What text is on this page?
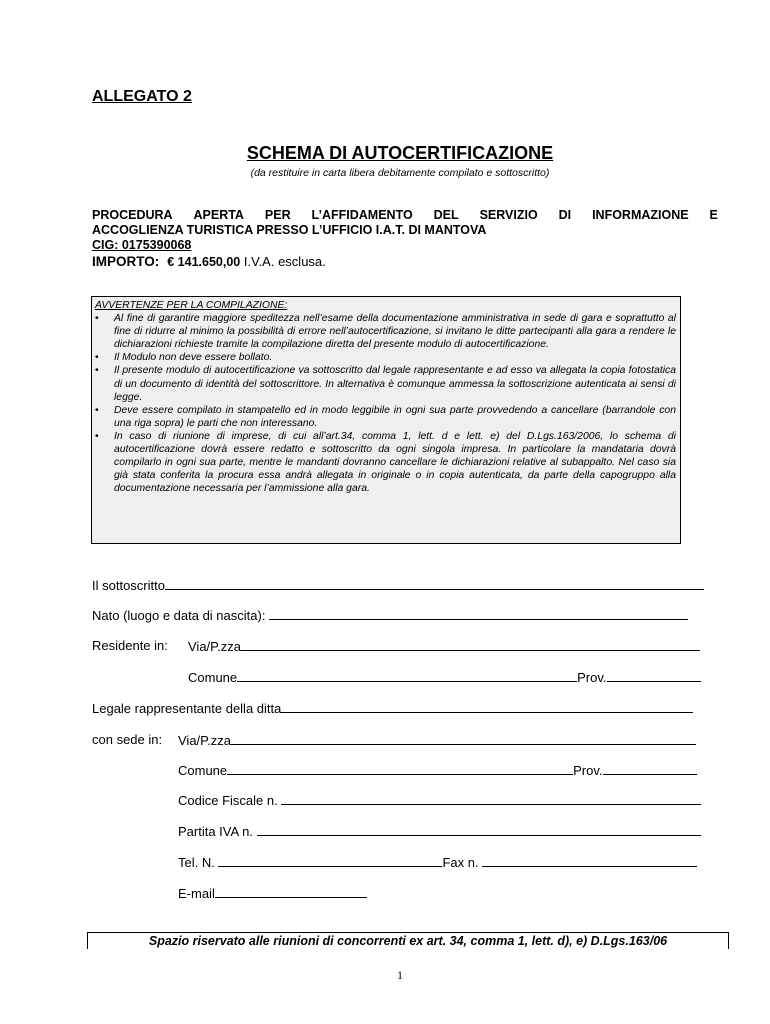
ALLEGATO 2
SCHEMA DI AUTOCERTIFICAZIONE
(da restituire in carta libera debitamente compilato e sottoscritto)
PROCEDURA APERTA PER L’AFFIDAMENTO DEL SERVIZIO DI INFORMAZIONE E
ACCOGLIENZA TURISTICA PRESSO L’UFFICIO I.A.T. DI MANTOVA
CIG: 0175390068
IMPORTO: € 141.650,00 I.V.A. esclusa.
AVVERTENZE PER LA COMPILAZIONE:
• Al fine di garantire maggiore speditezza nell’esame della documentazione amministrativa in sede di gara e soprattutto al fine di ridurre al minimo la possibilità di errore nell’autocertificazione, si invitano le ditte partecipanti alla gara a rendere le dichiarazioni richieste tramite la compilazione diretta del presente modulo di autocertificazione.
• Il Modulo non deve essere bollato.
• Il presente modulo di autocertificazione va sottoscritto dal legale rappresentante e ad esso va allegata la copia fotostatica di un documento di identità del sottoscrittore. In alternativa è comunque ammessa la sottoscrizione autenticata ai sensi di legge.
• Deve essere compilato in stampatello ed in modo leggibile in ogni sua parte provvedendo a cancellare (barrandole con una riga sopra) le parti che non interessano.
• In caso di riunione di imprese, di cui all’art.34, comma 1, lett. d e lett. e) del D.Lgs.163/2006, lo schema di autocertificazione dovrà essere redatto e sottoscritto da ogni singola impresa. In particolare la mandataria dovrà compilarlo in ogni sua parte, mentre le mandanti dovranno cancellare le dichiarazioni relative al subappalto. Nel caso sia già stata conferita la procura essa andrà allegata in originale o in copia autenticata, da parte della capogruppo alla documentazione necessaria per l’ammissione alla gara.
Il sottoscritto
Nato (luogo e data di nascita):
Residente in: Via/P.zza
Comune	Prov.
Legale rappresentante della ditta
con sede in: Via/P.zza
Comune	Prov.
Codice Fiscale n.
Partita IVA n.
Tel. N.	Fax n.
E-mail
Spazio riservato alle riunioni di concorrenti ex art. 34, comma 1, lett. d), e) D.Lgs.163/06
1
